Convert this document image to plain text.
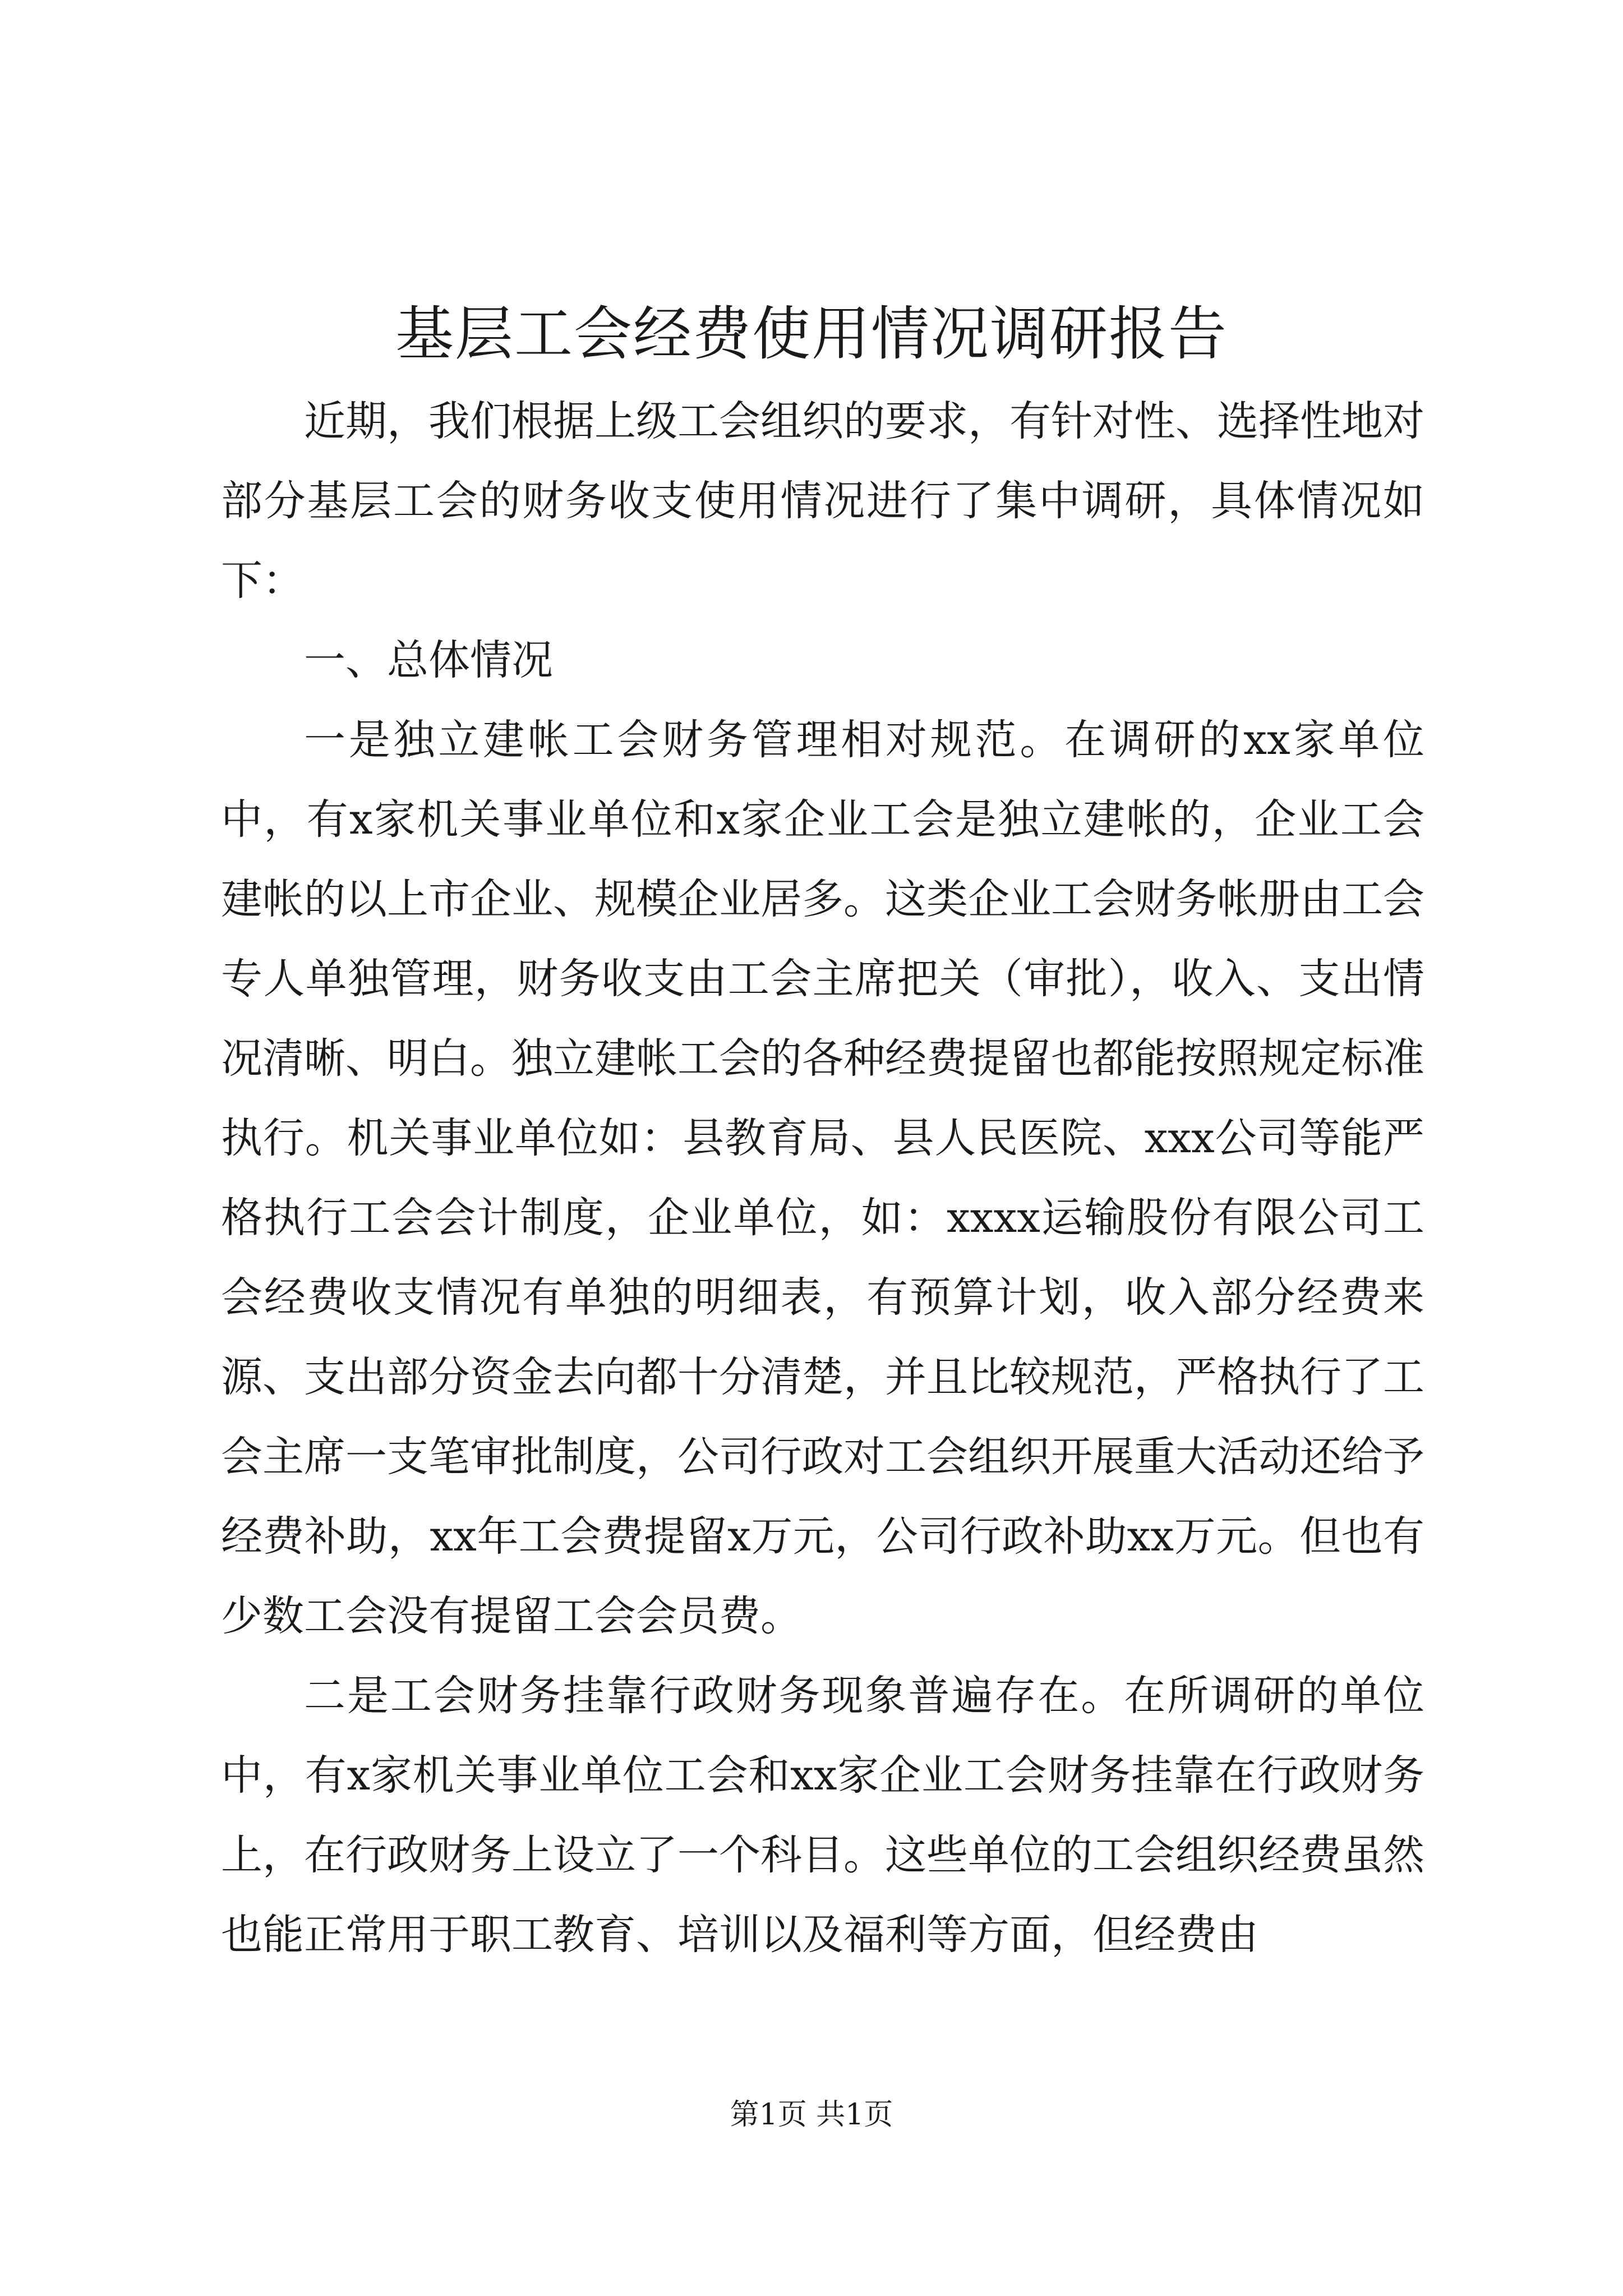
基层工会经费使用情况调研报告

近期，我们根据上级工会组织的要求，有针对性、选择性地对部分基层工会的财务收支使用情况进行了集中调研，具体情况如下：

一、总体情况

一是独立建帐工会财务管理相对规范。在调研的xx家单位中，有x家机关事业单位和x家企业工会是独立建帐的，企业工会建帐的以上市企业、规模企业居多。这类企业工会财务帐册由工会专人单独管理，财务收支由工会主席把关（审批），收入、支出情况清晰、明白。独立建帐工会的各种经费提留也都能按照规定标准执行。机关事业单位如：县教育局、县人民医院、xxx公司等能严格执行工会会计制度，企业单位，如：xxxx运输股份有限公司工会经费收支情况有单独的明细表，有预算计划，收入部分经费来源、支出部分资金去向都十分清楚，并且比较规范，严格执行了工会主席一支笔审批制度，公司行政对工会组织开展重大活动还给予经费补助，xx年工会费提留x万元，公司行政补助xx万元。但也有少数工会没有提留工会会员费。

二是工会财务挂靠行政财务现象普遍存在。在所调研的单位中，有x家机关事业单位工会和xx家企业工会财务挂靠在行政财务上，在行政财务上设立了一个科目。这些单位的工会组织经费虽然也能正常用于职工教育、培训以及福利等方面，但经费由

第1页 共1页
